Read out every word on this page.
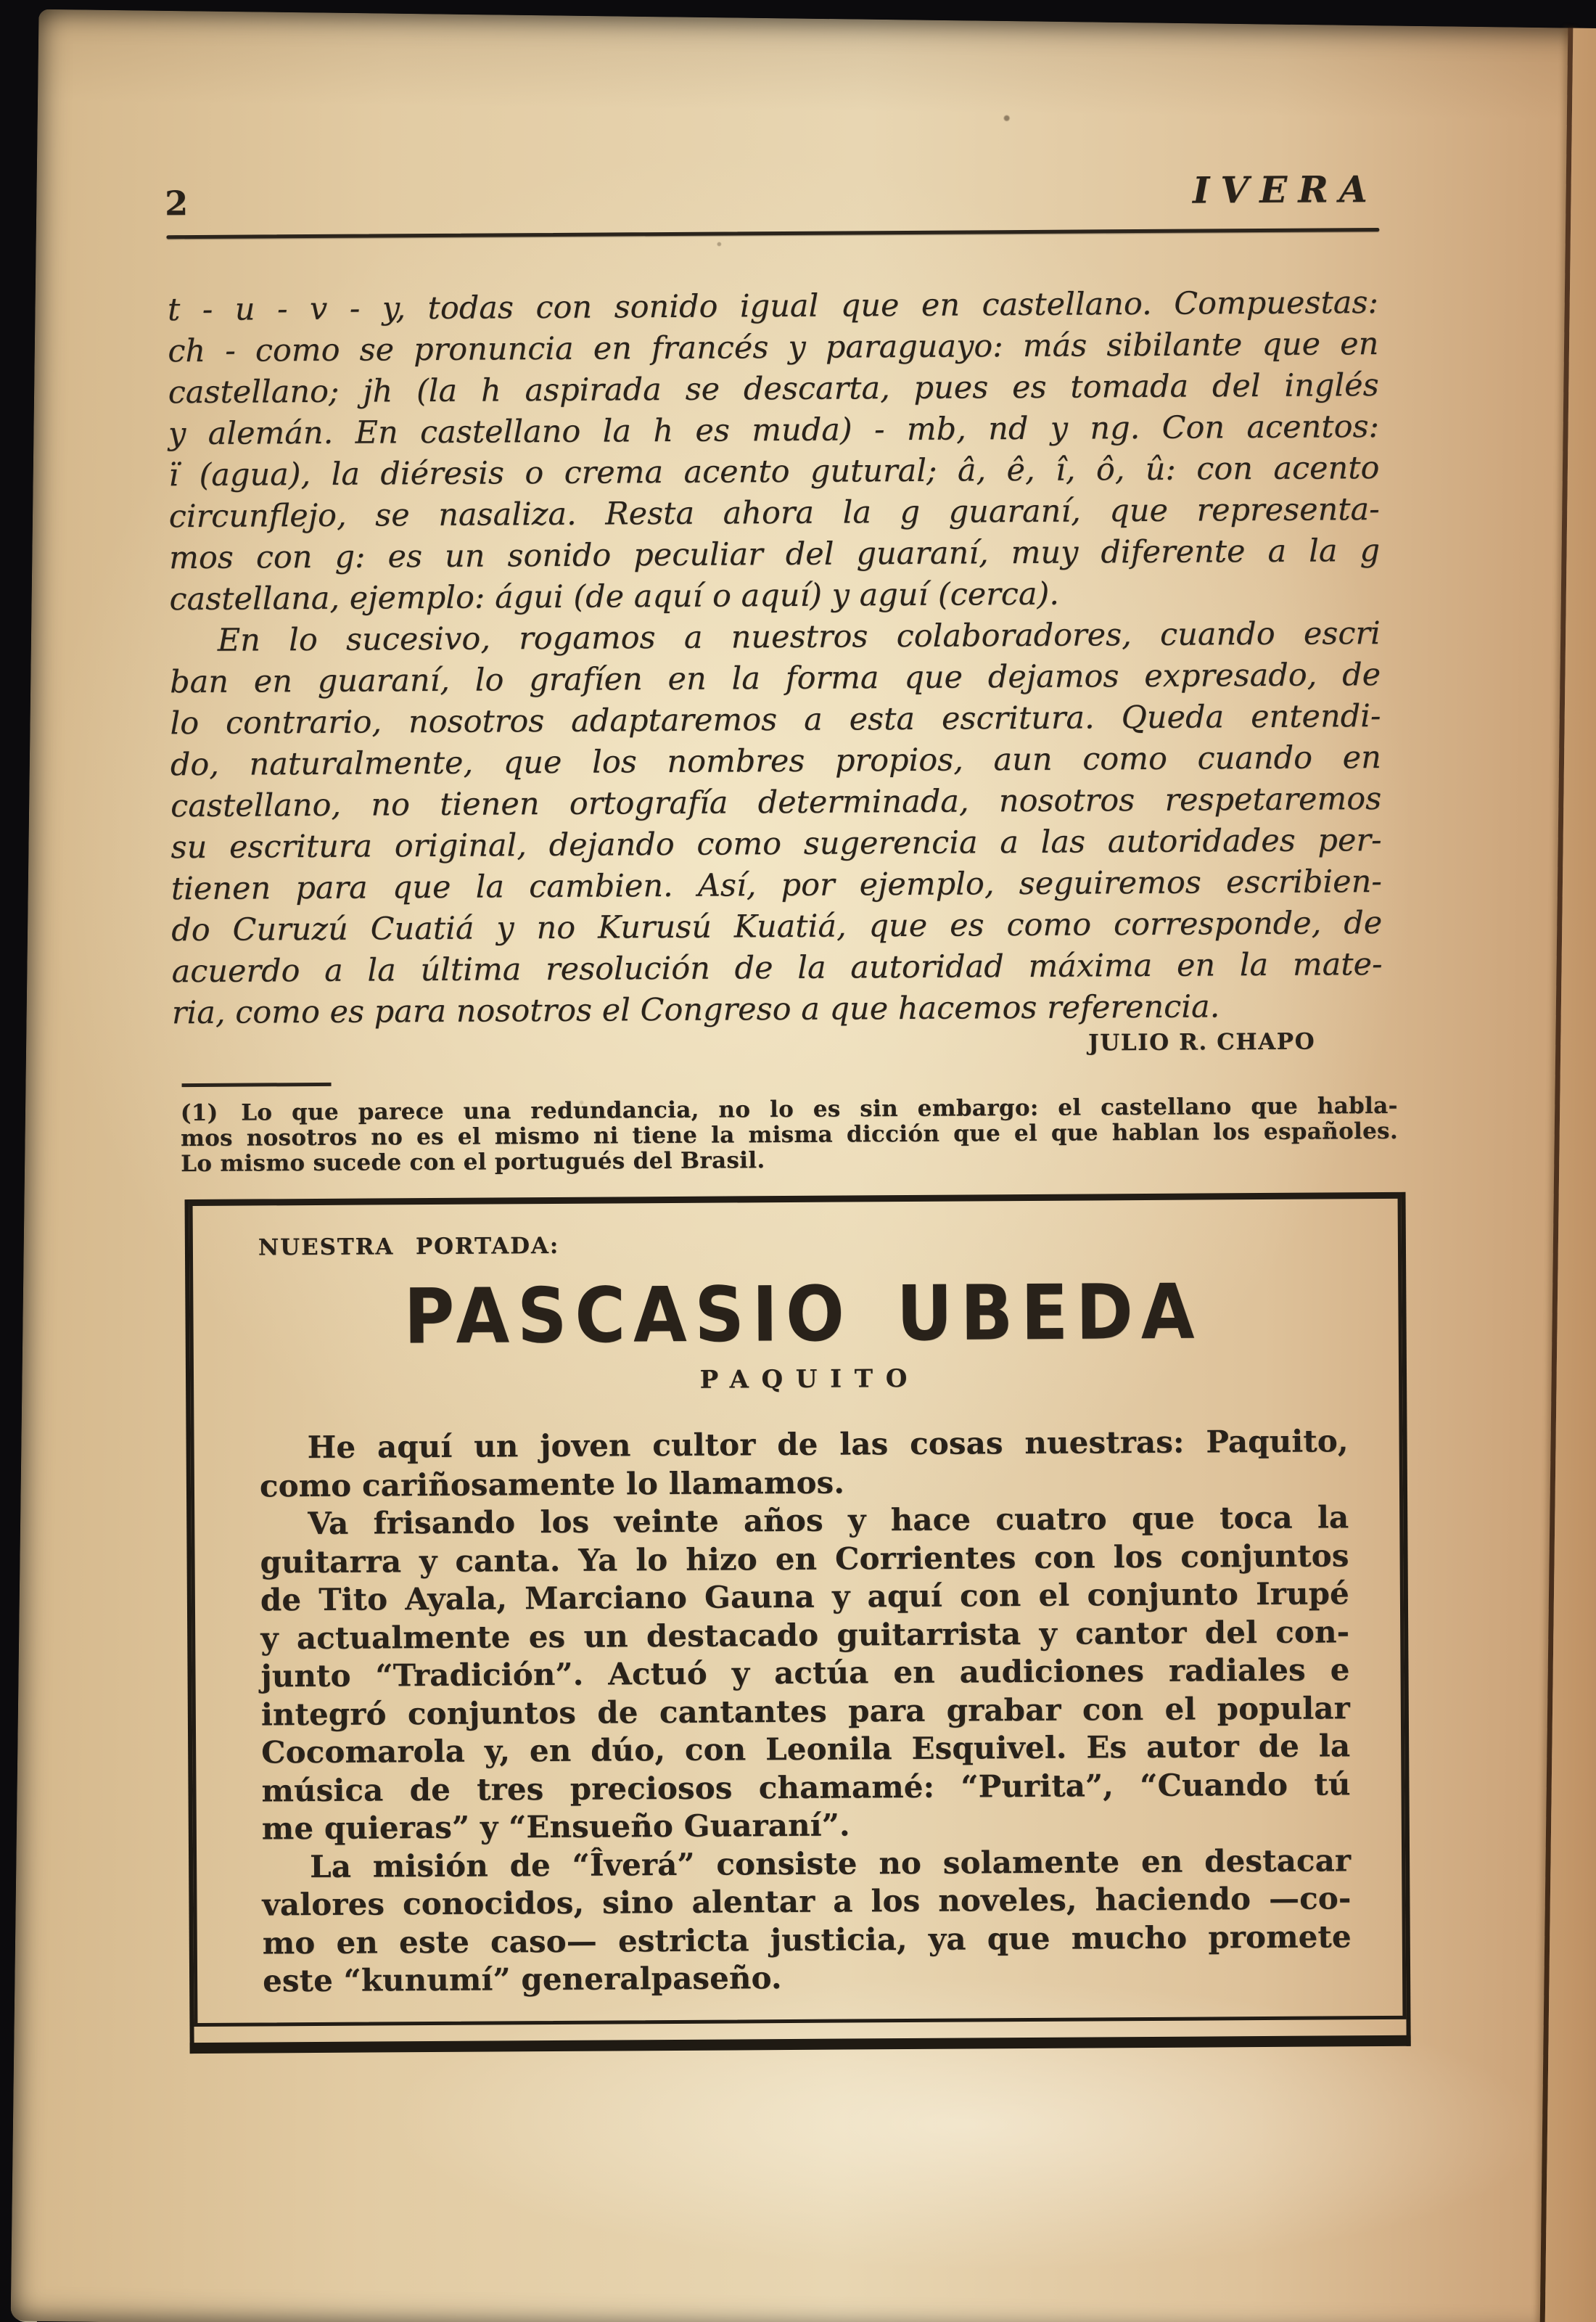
2	IVERA
t - u - v - y, todas con sonido igual que en castellano. Compuestas:
ch - como se pronuncia en francés y paraguayo: más sibilante que en
castellano; jh (la h aspirada se descarta, pues es tomada del inglés
y alemán. En castellano la h es muda) - mb, nd y ng. Con acentos:
ï (agua), la diéresis o crema acento gutural; â, ê, î, ô, û: con acento
circunflejo, se nasaliza. Resta ahora la g guaraní, que representa-
mos con g: es un sonido peculiar del guaraní, muy diferente a la g
castellana, ejemplo: águi (de aquí o aquí) y aguí (cerca).
En lo sucesivo, rogamos a nuestros colaboradores, cuando escri
ban en guaraní, lo grafíen en la forma que dejamos expresado, de
lo contrario, nosotros adaptaremos a esta escritura. Queda entendi-
do, naturalmente, que los nombres propios, aun como cuando en
castellano, no tienen ortografía determinada, nosotros respetaremos
su escritura original, dejando como sugerencia a las autoridades per-
tienen para que la cambien. Así, por ejemplo, seguiremos escribien-
do Curuzú Cuatiá y no Kurusú Kuatiá, que es como corresponde, de
acuerdo a la última resolución de la autoridad máxima en la mate-
ria, como es para nosotros el Congreso a que hacemos referencia.
JULIO R. CHAPO
(1)  Lo que parece una redundancia, no lo es sin embargo: el castellano que habla-
mos nosotros no es el mismo ni tiene la misma dicción que el que hablan los españoles.
Lo mismo sucede con el portugués del Brasil.
NUESTRA PORTADA:
PASCASIO UBEDA
PAQUITO
He aquí un joven cultor de las cosas nuestras: Paquito,
como cariñosamente lo llamamos.
Va frisando los veinte años y hace cuatro que toca la
guitarra y canta. Ya lo hizo en Corrientes con los conjuntos
de Tito Ayala, Marciano Gauna y aquí con el conjunto Irupé
y actualmente es un destacado guitarrista y cantor del con-
junto “Tradición”. Actuó y actúa en audiciones radiales e
integró conjuntos de cantantes para grabar con el popular
Cocomarola y, en dúo, con Leonila Esquivel. Es autor de la
música de tres preciosos chamamé: “Purita”, “Cuando tú
me quieras” y “Ensueño Guaraní”.
La misión de “Îverá” consiste no solamente en destacar
valores conocidos, sino alentar a los noveles, haciendo —co-
mo en este caso— estricta justicia, ya que mucho promete
este “kunumí” generalpaseño.
